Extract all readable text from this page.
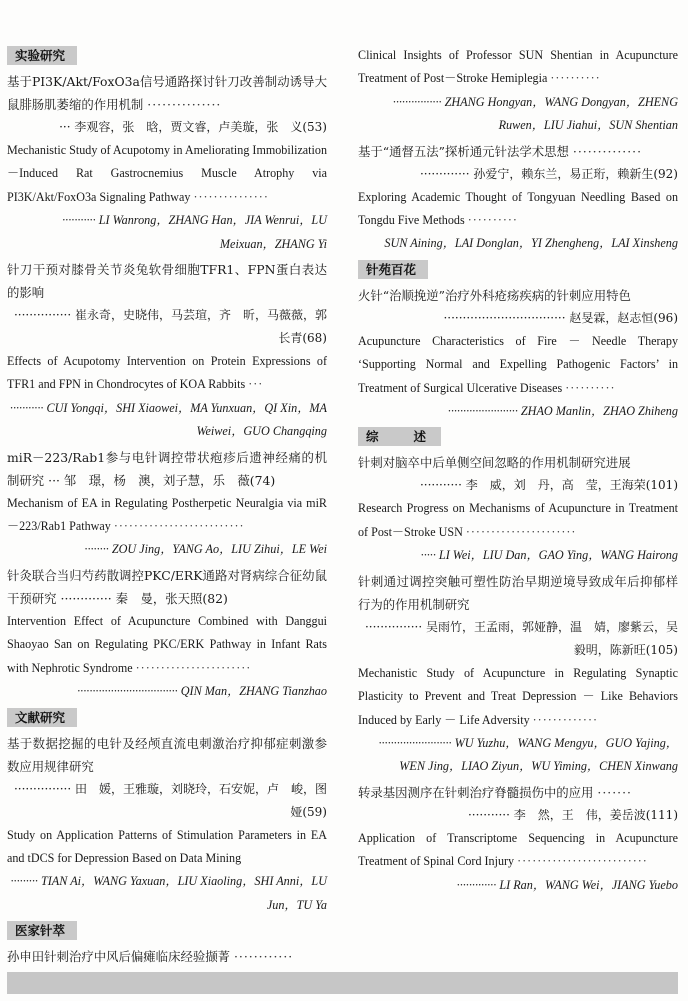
实验研究
基于PI3K/Akt/FoxO3a信号通路探讨针刀改善制动诱导大鼠腓肠肌萎缩的作用机制 ···············
··· 李观容，张　晗，贾文睿，卢美璇，张　义(53)
Mechanistic Study of Acupotomy in Ameliorating Immobilization－Induced Rat Gastrocnemius Muscle Atrophy via PI3K/Akt/FoxO3a Signaling Pathway ···············
··········· LI Wanrong，ZHANG Han，JIA Wenrui，LU Meixuan，ZHANG Yi
针刀干预对膝骨关节炎兔软骨细胞TFR1、FPN蛋白表达的影响
··············· 崔永奇，史晓伟，马芸瑄，齐　昕，马薇薇，郭长青(68)
Effects of Acupotomy Intervention on Protein Expressions of TFR1 and FPN in Chondrocytes of KOA Rabbits ···
··········· CUI Yongqi，SHI Xiaowei，MA Yunxuan，QI Xin，MA Weiwei，GUO Changqing
miR－223/Rab1参与电针调控带状疱疹后遗神经痛的机制研究 ··· 邹　璟，杨　澳，刘子慧，乐　薇(74)
Mechanism of EA in Regulating Postherpetic Neuralgia via miR－223/Rab1 Pathway ··························
········ ZOU Jing，YANG Ao，LIU Zihui，LE Wei
针灸联合当归芍药散调控PKC/ERK通路对肾病综合征幼鼠干预研究 ············· 秦　曼，张天照(82)
Intervention Effect of Acupuncture Combined with Danggui Shaoyao San on Regulating PKC/ERK Pathway in Infant Rats with Nephrotic Syndrome ·······················
································· QIN Man，ZHANG Tianzhao
文献研究
基于数据挖掘的电针及经颅直流电刺激治疗抑郁症刺激参数应用规律研究
··············· 田　媛，王雅璇，刘晓玲，石安妮，卢　峻，图　娅(59)
Study on Application Patterns of Stimulation Parameters in EA and tDCS for Depression Based on Data Mining
········· TIAN Ai，WANG Yaxuan，LIU Xiaoling，SHI Anni，LU Jun，TU Ya
医家针萃
孙申田针刺治疗中风后偏瘫临床经验撷菁 ············
Clinical Insights of Professor SUN Shentian in Acupuncture Treatment of Post－Stroke Hemiplegia ··········
················ ZHANG Hongyan，WANG Dongyan，ZHENG Ruwen，LIU Jiahui，SUN Shentian
基于“通督五法”探析通元针法学术思想 ··············
············· 孙爱宁，赖东兰，易正珩，赖新生(92)
Exploring Academic Thought of Tongyuan Needling Based on Tongdu Five Methods ··········
SUN Aining，LAI Donglan，YI Zhengheng，LAI Xinsheng
针苑百花
火针“治顺挽逆”治疗外科疮疡疾病的针刺应用特色
································ 赵旻霖，赵志恒(96)
Acupuncture Characteristics of Fire － Needle Therapy ‘Supporting Normal and Expelling Pathogenic Factors’ in Treatment of Surgical Ulcerative Diseases ··········
······················· ZHAO Manlin，ZHAO Zhiheng
综　述
针刺对脑卒中后单侧空间忽略的作用机制研究进展
··········· 李　威，刘　丹，高　莹，王海荣(101)
Research Progress on Mechanisms of Acupuncture in Treatment of Post－Stroke USN ······················
····· LI Wei，LIU Dan，GAO Ying，WANG Hairong
针刺通过调控突触可塑性防治早期逆境导致成年后抑郁样行为的作用机制研究
··············· 吴雨竹，王孟雨，郭娅静，温　婧，廖紫云，吴毅明，陈新旺(105)
Mechanistic Study of Acupuncture in Regulating Synaptic Plasticity to Prevent and Treat Depression － Like Behaviors Induced by Early － Life Adversity ·············
························ WU Yuzhu，WANG Mengyu，GUO Yajing，WEN Jing，LIAO Ziyun，WU Yiming，CHEN Xinwang
转录基因测序在针刺治疗脊髓损伤中的应用 ·······
··········· 李　然，王　伟，姜岳波(111)
Application of Transcriptome Sequencing in Acupuncture Treatment of Spinal Cord Injury ··························
············· LI Ran，WANG Wei，JIANG Yuebo
